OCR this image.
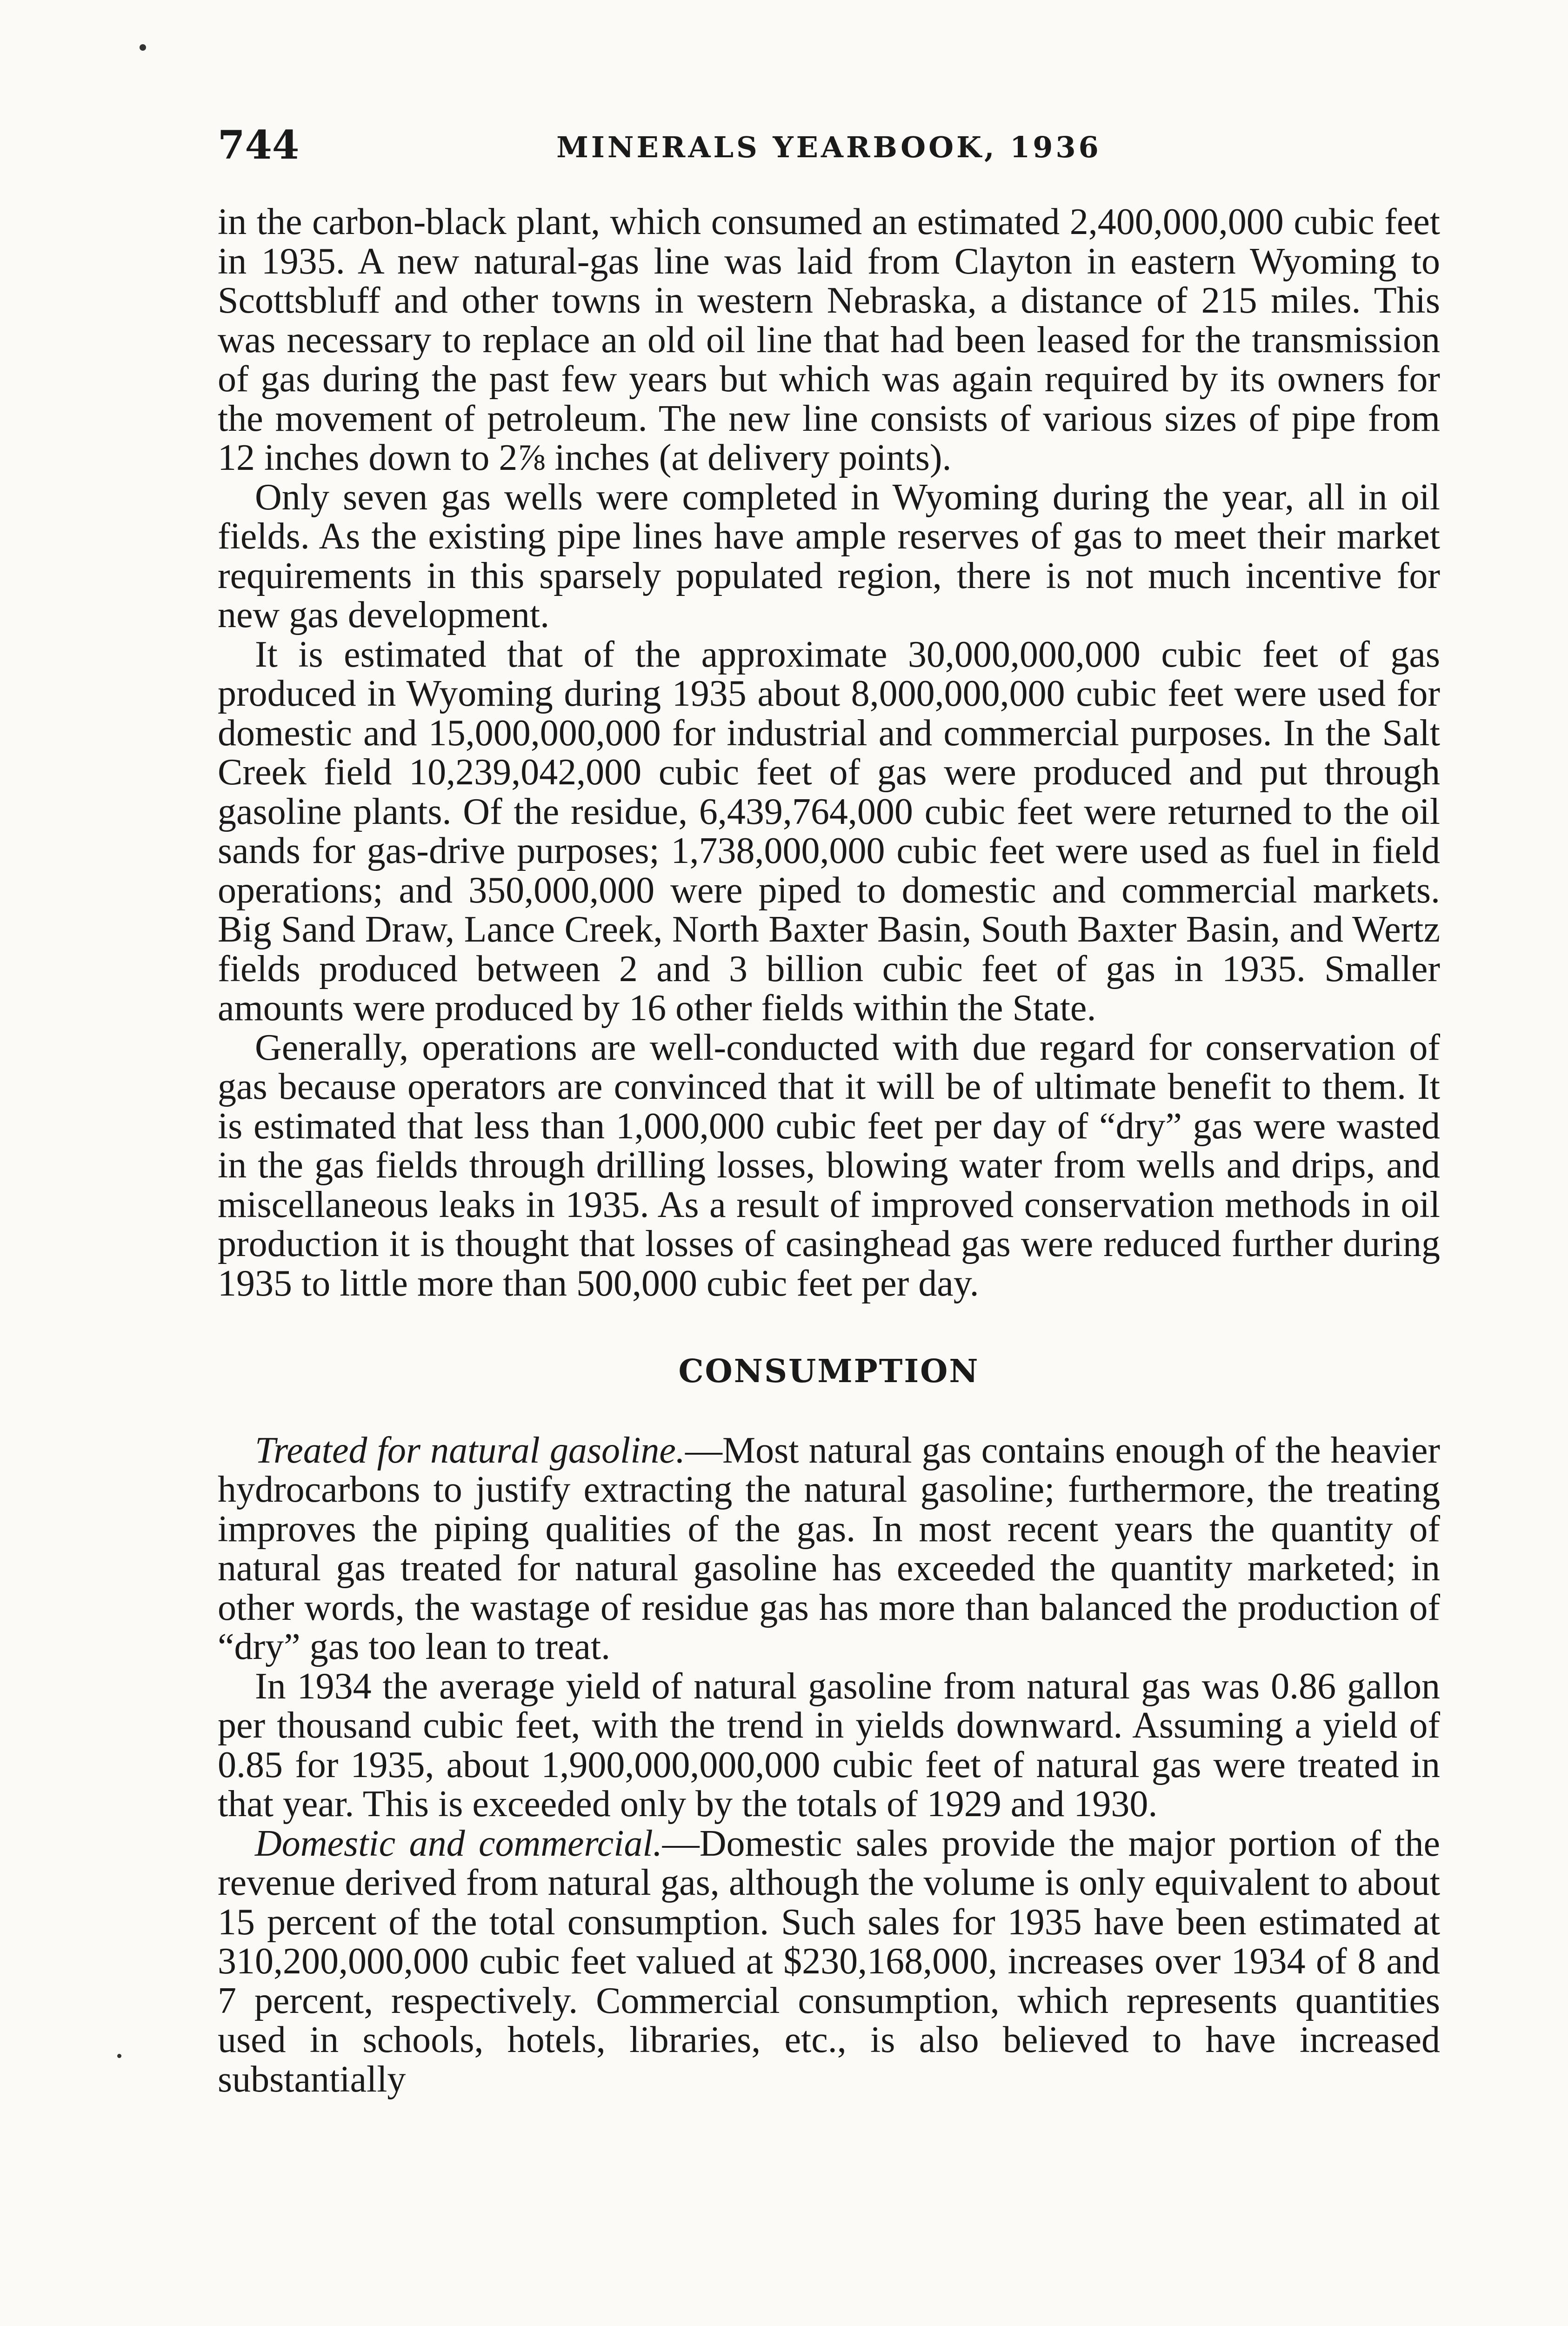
744	MINERALS YEARBOOK, 1936

in the carbon-black plant, which consumed an estimated 2,400,000,000 cubic feet in 1935. A new natural-gas line was laid from Clayton in eastern Wyoming to Scottsbluff and other towns in western Nebraska, a distance of 215 miles. This was necessary to replace an old oil line that had been leased for the transmission of gas during the past few years but which was again required by its owners for the movement of petroleum. The new line consists of various sizes of pipe from 12 inches down to 2⅞ inches (at delivery points).

Only seven gas wells were completed in Wyoming during the year, all in oil fields. As the existing pipe lines have ample reserves of gas to meet their market requirements in this sparsely populated region, there is not much incentive for new gas development.

It is estimated that of the approximate 30,000,000,000 cubic feet of gas produced in Wyoming during 1935 about 8,000,000,000 cubic feet were used for domestic and 15,000,000,000 for industrial and commercial purposes. In the Salt Creek field 10,239,042,000 cubic feet of gas were produced and put through gasoline plants. Of the residue, 6,439,764,000 cubic feet were returned to the oil sands for gas-drive purposes; 1,738,000,000 cubic feet were used as fuel in field operations; and 350,000,000 were piped to domestic and commercial markets. Big Sand Draw, Lance Creek, North Baxter Basin, South Baxter Basin, and Wertz fields produced between 2 and 3 billion cubic feet of gas in 1935. Smaller amounts were produced by 16 other fields within the State.

Generally, operations are well-conducted with due regard for conservation of gas because operators are convinced that it will be of ultimate benefit to them. It is estimated that less than 1,000,000 cubic feet per day of “dry” gas were wasted in the gas fields through drilling losses, blowing water from wells and drips, and miscellaneous leaks in 1935. As a result of improved conservation methods in oil production it is thought that losses of casinghead gas were reduced further during 1935 to little more than 500,000 cubic feet per day.

CONSUMPTION

Treated for natural gasoline.—Most natural gas contains enough of the heavier hydrocarbons to justify extracting the natural gasoline; furthermore, the treating improves the piping qualities of the gas. In most recent years the quantity of natural gas treated for natural gasoline has exceeded the quantity marketed; in other words, the wastage of residue gas has more than balanced the production of “dry” gas too lean to treat.

In 1934 the average yield of natural gasoline from natural gas was 0.86 gallon per thousand cubic feet, with the trend in yields downward. Assuming a yield of 0.85 for 1935, about 1,900,000,000,000 cubic feet of natural gas were treated in that year. This is exceeded only by the totals of 1929 and 1930.

Domestic and commercial.—Domestic sales provide the major portion of the revenue derived from natural gas, although the volume is only equivalent to about 15 percent of the total consumption. Such sales for 1935 have been estimated at 310,200,000,000 cubic feet valued at $230,168,000, increases over 1934 of 8 and 7 percent, respectively. Commercial consumption, which represents quantities used in schools, hotels, libraries, etc., is also believed to have increased substantially
